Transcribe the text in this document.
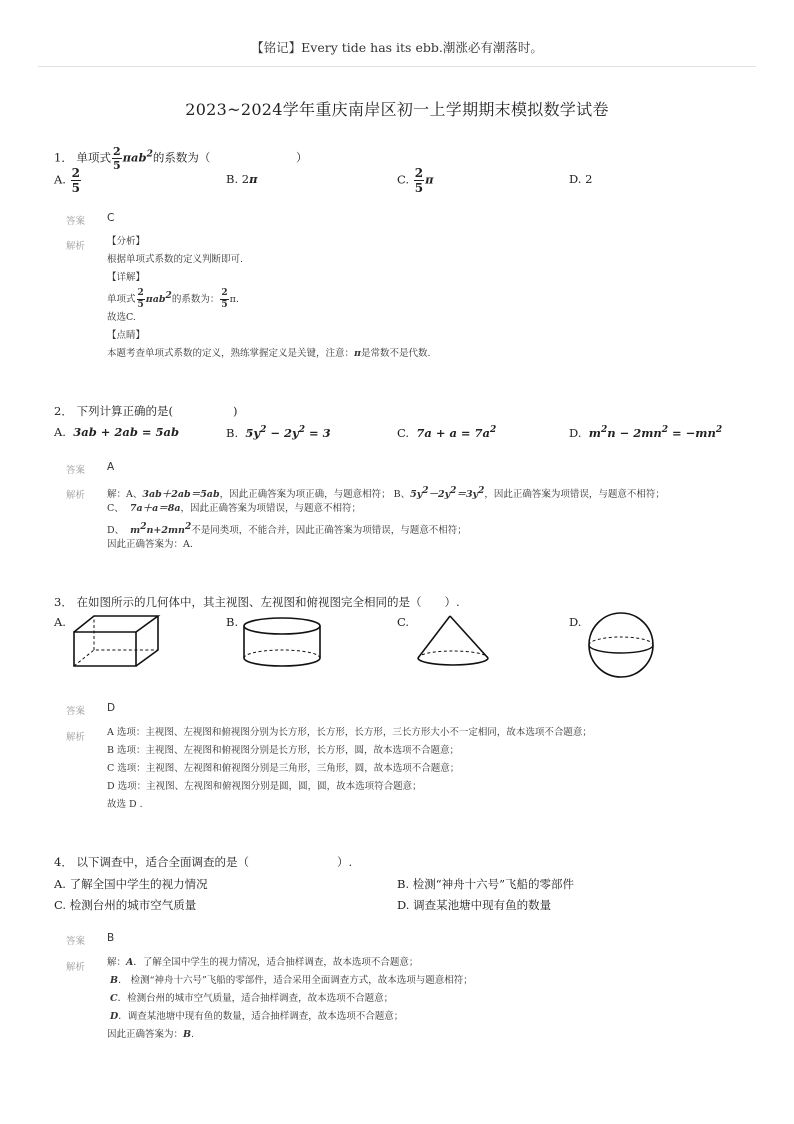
【铭记】Every tide has its ebb.潮涨必有潮落时。
2023~2024学年重庆南岸区初一上学期期末模拟数学试卷
1． 单项式 $\frac{2}{5} \pi ab^2$的系数为（	）
A. $\frac{2}{5}$	B. 2π	C. $\frac{2}{5}$ π	D. 2
答案 C
解析 【分析】
根据单项式系数的定义判断即可.
【详解】
单项式 $\frac{2}{5} \pi ab^2$的系数为： $\frac{2}{5} \pi$.
故选C.
【点睛】
本题考查单项式系数的定义，熟练掌握定义是关键，注意：π是常数不是代数.
2． 下列计算正确的是(	)
A. 3ab + 2ab = 5ab	B. $5y^2 - 2y^2 = 3$	C. $7a + a = 7a^2$	D. $m^2n - 2mn^2 = -mn^2$
答案 A
解析 解：A、3ab＋2ab＝5ab，因此正确答案为项正确，与题意相符； B、$5y^2-2y^2=3y^2$，因此正确答案为项错误，与题意不相符；
C、 7a＋a＝8a，因此正确答案为项错误，与题意不相符；
D、 $m^2n+2mn^2$不是同类项，不能合并，因此正确答案为项错误，与题意不相符；
因此正确答案为：A.
3． 在如图所示的几何体中，其主视图、左视图和俯视图完全相同的是（　　）.
A.	B.	C.	D.
答案 D
解析 A 选项：主视图、左视图和俯视图分别为长方形，长方形，长方形，三长方形大小不一定相同，故本选项不合题意；
B 选项：主视图、左视图和俯视图分别是长方形，长方形，圆，故本选项不合题意；
C 选项：主视图、左视图和俯视图分别是三角形，三角形，圆，故本选项不合题意；
D 选项：主视图、左视图和俯视图分别是圆，圆，圆，故本选项符合题意；
故选 D .
4． 以下调查中，适合全面调查的是（	）.
A. 了解全国中学生的视力情况	B. 检测“神舟十六号”飞船的零部件
C. 检测台州的城市空气质量	D. 调查某池塘中现有鱼的数量
答案 B
解析 解：A．了解全国中学生的视力情况，适合抽样调查，故本选项不合题意；
B． 检测“神舟十六号”飞船的零部件，适合采用全面调查方式，故本选项与题意相符；
C．检测台州的城市空气质量，适合抽样调查，故本选项不合题意；
D．调查某池塘中现有鱼的数量，适合抽样调查，故本选项不合题意；
因此正确答案为：B.
